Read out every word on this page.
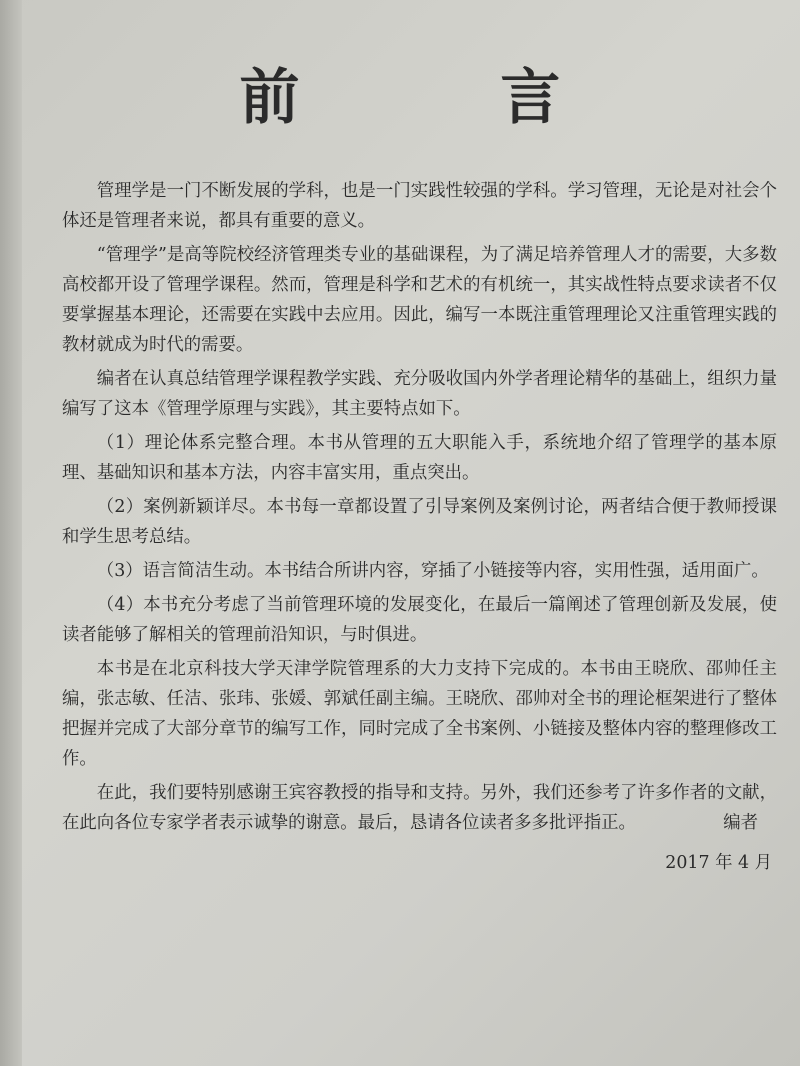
前 言

管理学是一门不断发展的学科，也是一门实践性较强的学科。学习管理，无论是对社会个体还是管理者来说，都具有重要的意义。

“管理学”是高等院校经济管理类专业的基础课程，为了满足培养管理人才的需要，大多数高校都开设了管理学课程。然而，管理是科学和艺术的有机统一，其实战性特点要求读者不仅要掌握基本理论，还需要在实践中去应用。因此，编写一本既注重管理理论又注重管理实践的教材就成为时代的需要。

编者在认真总结管理学课程教学实践、充分吸收国内外学者理论精华的基础上，组织力量编写了这本《管理学原理与实践》，其主要特点如下。

（1）理论体系完整合理。本书从管理的五大职能入手，系统地介绍了管理学的基本原理、基础知识和基本方法，内容丰富实用，重点突出。

（2）案例新颖详尽。本书每一章都设置了引导案例及案例讨论，两者结合便于教师授课和学生思考总结。

（3）语言简洁生动。本书结合所讲内容，穿插了小链接等内容，实用性强，适用面广。

（4）本书充分考虑了当前管理环境的发展变化，在最后一篇阐述了管理创新及发展，使读者能够了解相关的管理前沿知识，与时俱进。

本书是在北京科技大学天津学院管理系的大力支持下完成的。本书由王晓欣、邵帅任主编，张志敏、任洁、张玮、张媛、郭斌任副主编。王晓欣、邵帅对全书的理论框架进行了整体把握并完成了大部分章节的编写工作，同时完成了全书案例、小链接及整体内容的整理修改工作。

在此，我们要特别感谢王宾容教授的指导和支持。另外，我们还参考了许多作者的文献，在此向各位专家学者表示诚挚的谢意。最后，恳请各位读者多多批评指正。	编者
2017 年 4 月
